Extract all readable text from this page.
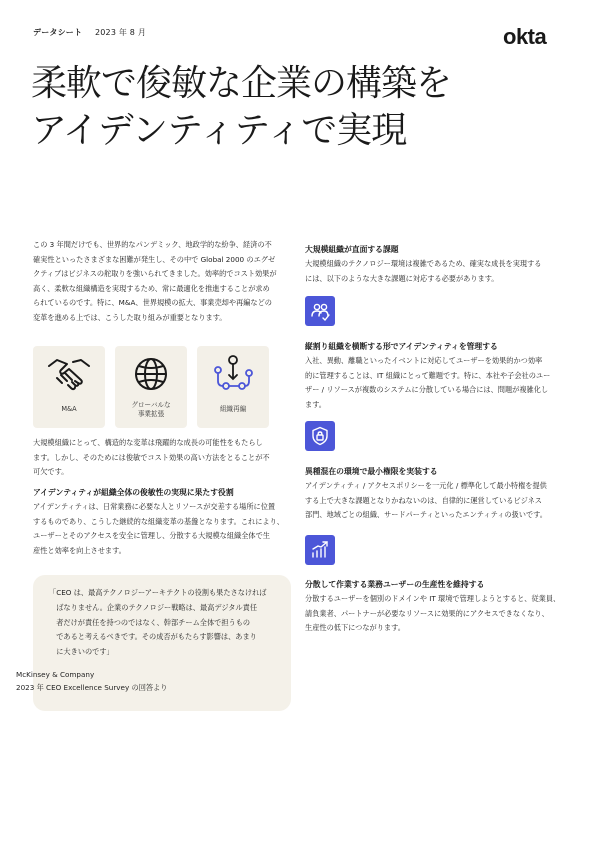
データシート 2023 年 8 月	okta
柔軟で俊敏な企業の構築を
アイデンティティで実現

この 3 年間だけでも、世界的なパンデミック、地政学的な紛争、経済の不
確実性といったさまざまな困難が発生し、その中で Global 2000 のエグゼ
クティブはビジネスの舵取りを強いられてきました。効率的でコスト効果が
高く、柔軟な組織構造を実現するため、常に最適化を推進することが求め
られているのです。特に、M&A、世界規模の拡大、事業売却や再編などの
変革を進める上では、こうした取り組みが重要となります。

M&A	グローバルな
事業拡張
組織再編

大規模組織にとって、構造的な変革は飛躍的な成長の可能性をもたらし
ます。しかし、そのためには俊敏でコスト効果の高い方法をとることが不
可欠です。

アイデンティティが組織全体の俊敏性の実現に果たす役割

アイデンティティは、日常業務に必要な人とリソースが交差する場所に位置
するものであり、こうした継続的な組織変革の基盤となります。これにより、
ユーザーとそのアクセスを安全に管理し、分散する大規模な組織全体で生
産性と効率を向上させます。

「CEO は、最高テクノロジーアーキテクトの役割も果たさなければ
　ばなりません。企業のテクノロジー戦略は、最高デジタル責任
　者だけが責任を持つのではなく、幹部チーム全体で担うもの
　であると考えるべきです。その成否がもたらす影響は、あまり
　に大きいのです」

McKinsey & Company
2023 年 CEO Excellence Survey の回答より

大規模組織が直面する課題

大規模組織のテクノロジー環境は複雑であるため、確実な成長を実現する
には、以下のような大きな課題に対応する必要があります。

縦割り組織を横断する形でアイデンティティを管理する

入社、異動、離職といったイベントに対応してユーザーを効果的かつ効率
的に管理することは、IT 組織にとって難題です。特に、本社や子会社のユー
ザー / リソースが複数のシステムに分散している場合には、問題が複雑化し
ます。

異種混在の環境で最小権限を実装する

アイデンティティ / アクセスポリシーを一元化 / 標準化して最小特権を提供
する上で大きな課題となりかねないのは、自律的に運営しているビジネス
部門、地域ごとの組織、サードパーティといったエンティティの扱いです。

分散して作業する業務ユーザーの生産性を維持する

分散するユーザーを個別のドメインや IT 環境で管理しようとすると、従業員、
請負業者、パートナーが必要なリソースに効果的にアクセスできなくなり、
生産性の低下につながります。
